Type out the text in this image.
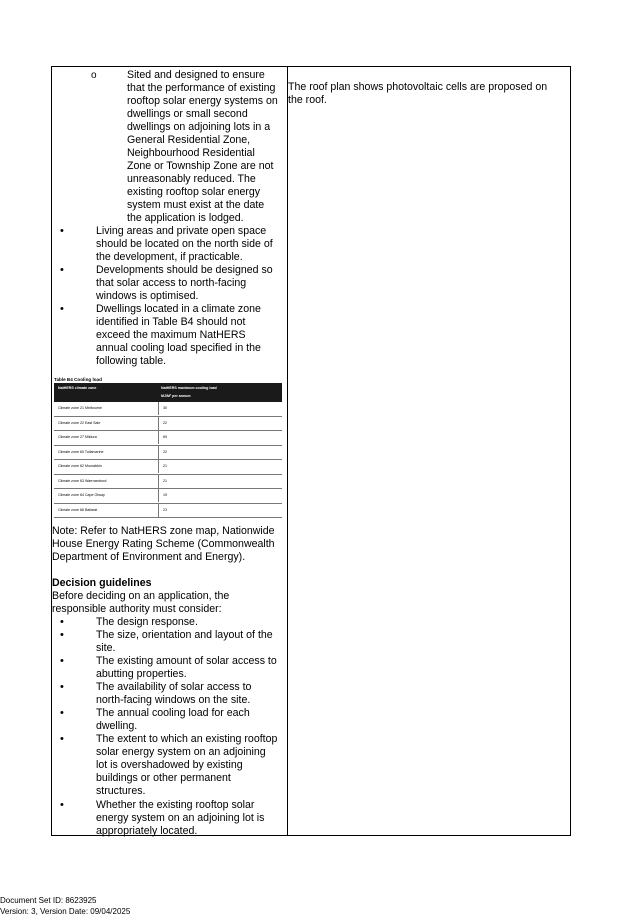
o	Sited and designed to ensure
that the performance of existing
rooftop solar energy systems on
dwellings or small second
dwellings on adjoining lots in a
General Residential Zone,
Neighbourhood Residential
Zone or Township Zone are not
unreasonably reduced. The
existing rooftop solar energy
system must exist at the date
the application is lodged.
•	Living areas and private open space
should be located on the north side of
the development, if practicable.
•	Developments should be designed so
that solar access to north-facing
windows is optimised.
•	Dwellings located in a climate zone
identified in Table B4 should not
exceed the maximum NatHERS
annual cooling load specified in the
following table.
Table B4 Cooling load
NatHERS climate zone	NatHERS maximum cooling load
MJ/M² per annum
Climate zone 21 Melbourne	30
Climate zone 22 East Sale	22
Climate zone 27 Mildura	69
Climate zone 60 Tullamarine	22
Climate zone 62 Moorabbin	21
Climate zone 63 Warrnambool	21
Climate zone 64 Cape Otway	19
Climate zone 66 Ballarat	23
Note: Refer to NatHERS zone map, Nationwide
House Energy Rating Scheme (Commonwealth
Department of Environment and Energy).
Decision guidelines
Before deciding on an application, the
responsible authority must consider:
•	The design response.
•	The size, orientation and layout of the
site.
•	The existing amount of solar access to
abutting properties.
•	The availability of solar access to
north-facing windows on the site.
•	The annual cooling load for each
dwelling.
•	The extent to which an existing rooftop
solar energy system on an adjoining
lot is overshadowed by existing
buildings or other permanent
structures.
•	Whether the existing rooftop solar
energy system on an adjoining lot is
appropriately located.
The roof plan shows photovoltaic cells are proposed on
the roof.
Document Set ID: 8623925
Version: 3, Version Date: 09/04/2025
